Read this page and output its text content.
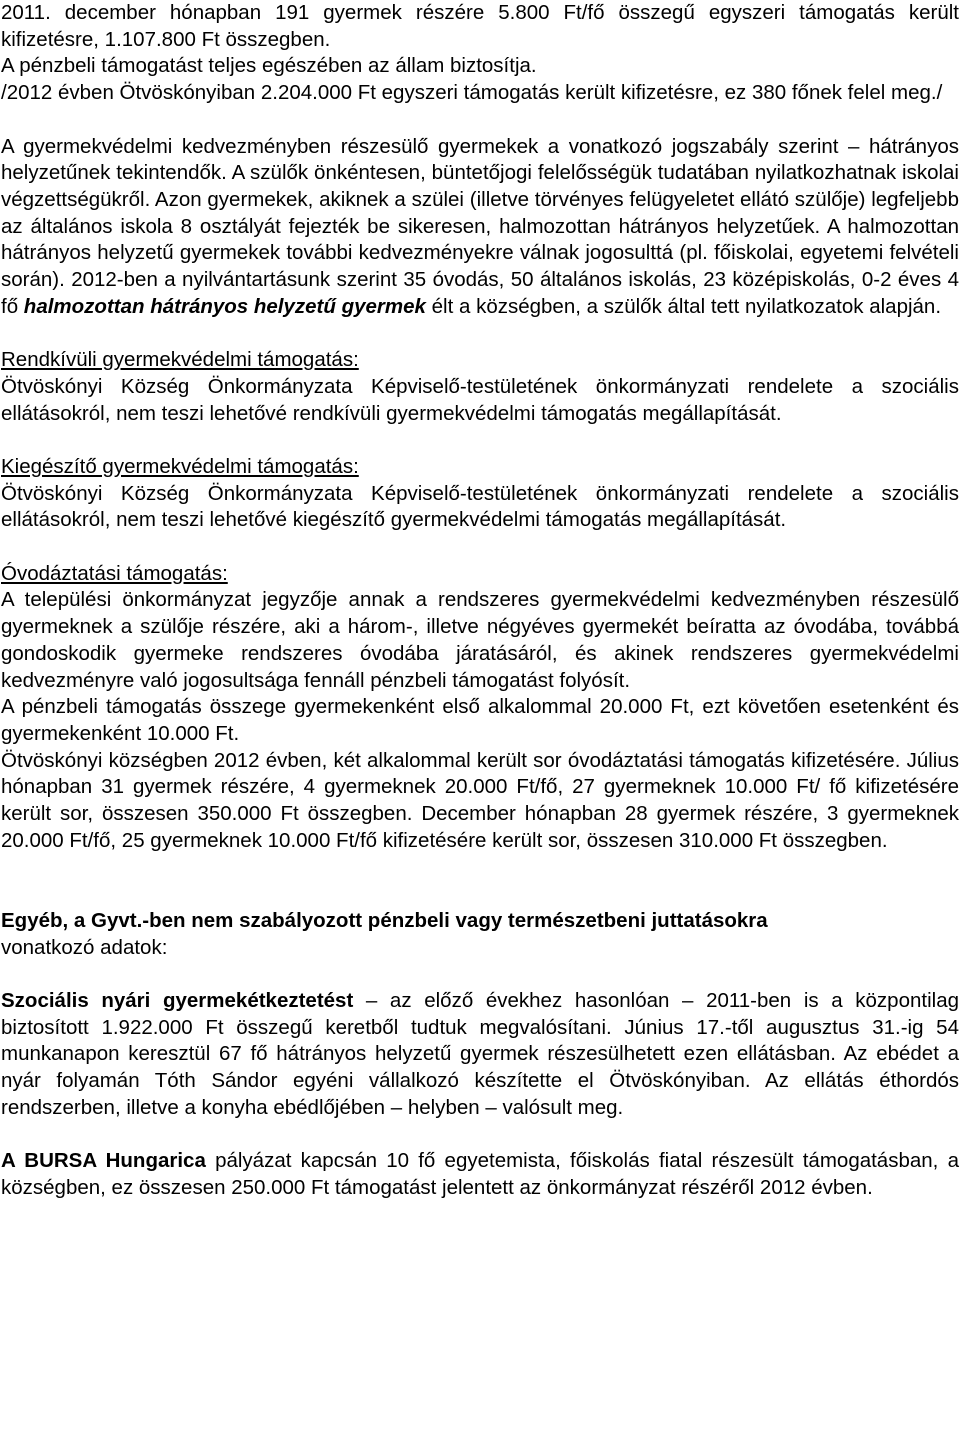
2011. december hónapban 191 gyermek részére 5.800 Ft/fő összegű egyszeri támogatás került kifizetésre, 1.107.800 Ft összegben.

A pénzbeli támogatást teljes egészében az állam biztosítja.

/2012 évben Ötvöskónyiban 2.204.000 Ft egyszeri támogatás került kifizetésre, ez 380 főnek felel meg./

A gyermekvédelmi kedvezményben részesülő gyermekek a vonatkozó jogszabály szerint – hátrányos helyzetűnek tekintendők. A szülők önkéntesen, büntetőjogi felelősségük tudatában nyilatkozhatnak iskolai végzettségükről. Azon gyermekek, akiknek a szülei (illetve törvényes felügyeletet ellátó szülője) legfeljebb az általános iskola 8 osztályát fejezték be sikeresen, halmozottan hátrányos helyzetűek. A halmozottan hátrányos helyzetű gyermekek további kedvezményekre válnak jogosulttá (pl. főiskolai, egyetemi felvételi során). 2012-ben a nyilvántartásunk szerint 35 óvodás, 50 általános iskolás, 23 középiskolás, 0-2 éves 4 fő halmozottan hátrányos helyzetű gyermek élt a községben, a szülők által tett nyilatkozatok alapján.

Rendkívüli gyermekvédelmi támogatás:

Ötvöskónyi Község Önkormányzata Képviselő-testületének önkormányzati rendelete a szociális ellátásokról, nem teszi lehetővé rendkívüli gyermekvédelmi támogatás megállapítását.

Kiegészítő gyermekvédelmi támogatás:

Ötvöskónyi Község Önkormányzata Képviselő-testületének önkormányzati rendelete a szociális ellátásokról, nem teszi lehetővé kiegészítő gyermekvédelmi támogatás megállapítását.

Óvodáztatási támogatás:

A települési önkormányzat jegyzője annak a rendszeres gyermekvédelmi kedvezményben részesülő gyermeknek a szülője részére, aki a három-, illetve négyéves gyermekét beíratta az óvodába, továbbá gondoskodik gyermeke rendszeres óvodába járatásáról, és akinek rendszeres gyermekvédelmi kedvezményre való jogosultsága fennáll pénzbeli támogatást folyósít.

A pénzbeli támogatás összege gyermekenként első alkalommal 20.000 Ft, ezt követően esetenként és gyermekenként 10.000 Ft.

Ötvöskónyi községben 2012 évben, két alkalommal került sor óvodáztatási támogatás kifizetésére. Július hónapban 31 gyermek részére, 4 gyermeknek 20.000 Ft/fő, 27 gyermeknek 10.000 Ft/ fő kifizetésére került sor, összesen 350.000 Ft összegben. December hónapban 28 gyermek részére, 3 gyermeknek 20.000 Ft/fő, 25 gyermeknek 10.000 Ft/fő kifizetésére került sor, összesen 310.000 Ft összegben.

Egyéb, a Gyvt.-ben nem szabályozott pénzbeli vagy természetbeni juttatásokra

vonatkozó adatok:

Szociális nyári gyermekétkeztetést – az előző évekhez hasonlóan – 2011-ben is a központilag biztosított 1.922.000 Ft összegű keretből tudtuk megvalósítani. Június 17.-től augusztus 31.-ig 54 munkanapon keresztül 67 fő hátrányos helyzetű gyermek részesülhetett ezen ellátásban. Az ebédet a nyár folyamán Tóth Sándor egyéni vállalkozó készítette el Ötvöskónyiban. Az ellátás éthordós rendszerben, illetve a konyha ebédlőjében – helyben – valósult meg.

A BURSA Hungarica pályázat kapcsán 10 fő egyetemista, főiskolás fiatal részesült támogatásban, a községben, ez összesen 250.000 Ft támogatást jelentett az önkormányzat részéről 2012 évben.
